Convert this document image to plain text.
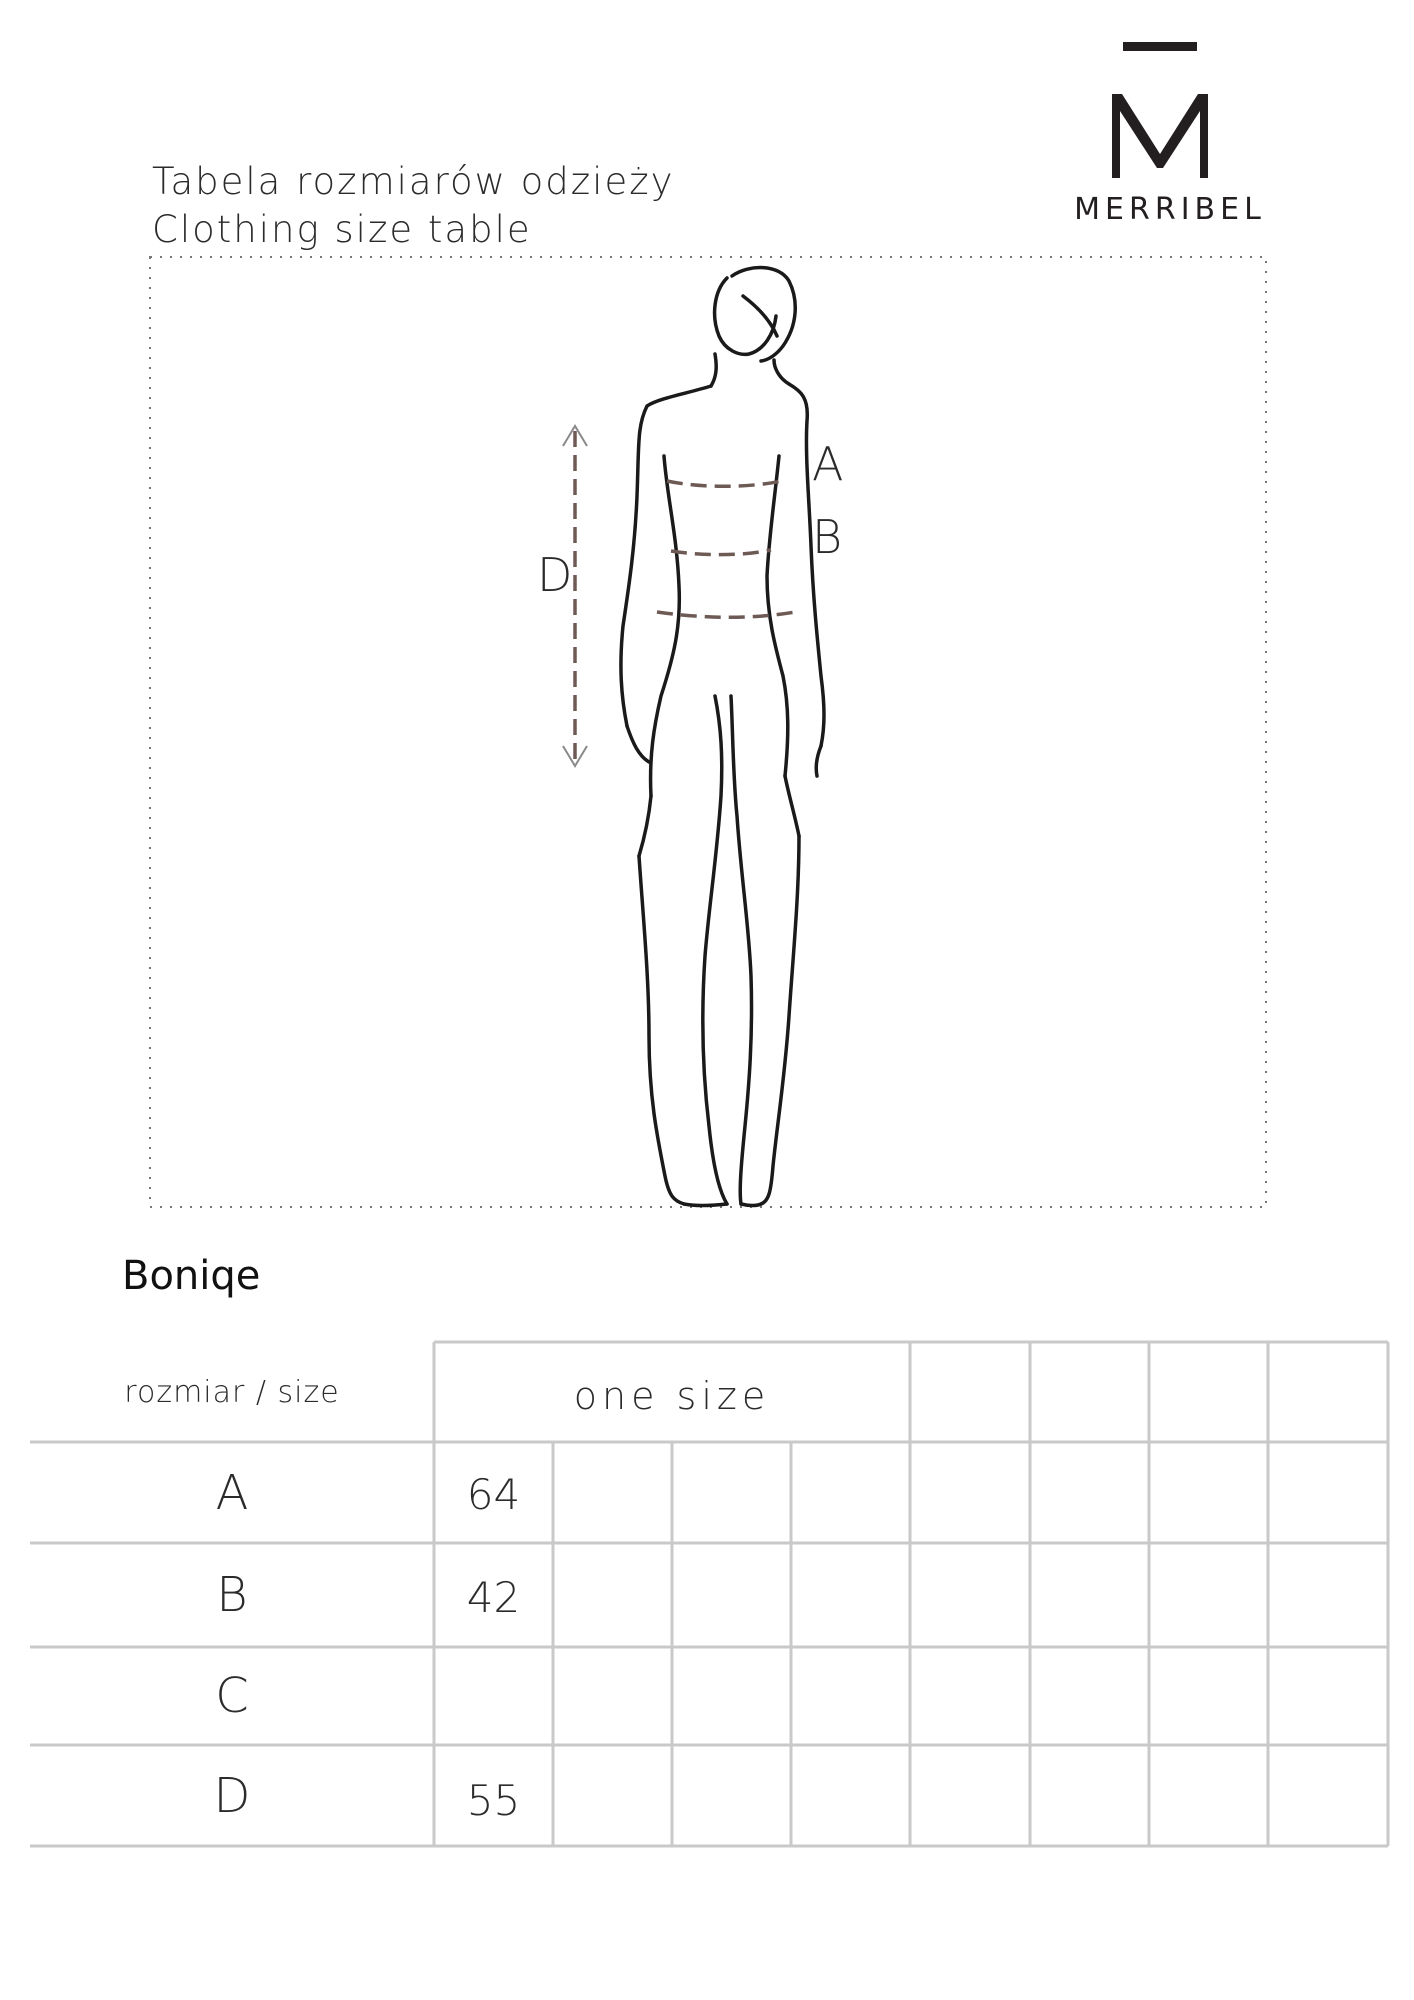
Tabela rozmiarów odzieży
Clothing size table	MERRIBEL
A
B
D
Boniqe
rozmiar / size	one size
A	64
B	42
C
D	55
